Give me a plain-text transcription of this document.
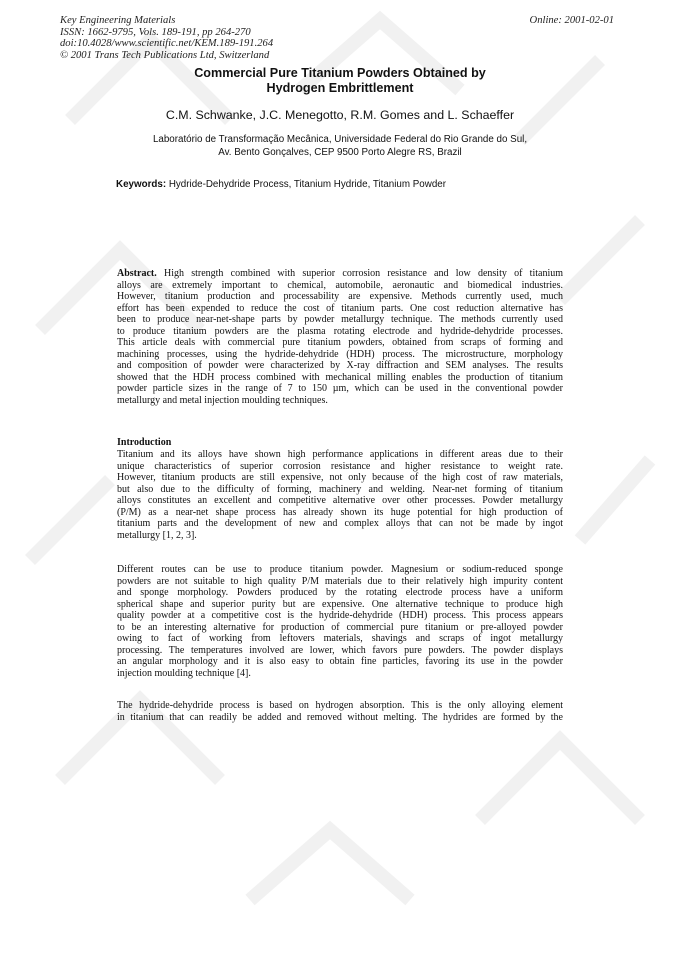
Key Engineering Materials
ISSN: 1662-9795, Vols. 189-191, pp 264-270
doi:10.4028/www.scientific.net/KEM.189-191.264
© 2001 Trans Tech Publications Ltd, Switzerland
Online: 2001-02-01
Commercial Pure Titanium Powders Obtained by
Hydrogen Embrittlement
C.M. Schwanke, J.C. Menegotto, R.M. Gomes and L. Schaeffer
Laboratório de Transformação Mecânica, Universidade Federal do Rio Grande do Sul,
Av. Bento Gonçalves, CEP 9500 Porto Alegre RS, Brazil
Keywords: Hydride-Dehydride Process, Titanium Hydride, Titanium Powder
Abstract. High strength combined with superior corrosion resistance and low density of titanium
alloys are extremely important to chemical, automobile, aeronautic and biomedical industries.
However, titanium production and processability are expensive. Methods currently used, much
effort has been expended to reduce the cost of titanium parts. One cost reduction alternative has
been to produce near-net-shape parts by powder metallurgy technique. The methods currently used
to produce titanium powders are the plasma rotating electrode and hydride-dehydride processes.
This article deals with commercial pure titanium powders, obtained from scraps of forming and
machining processes, using the hydride-dehydride (HDH) process. The microstructure, morphology
and composition of powder were characterized by X-ray diffraction and SEM analyses. The results
showed that the HDH process combined with mechanical milling enables the production of titanium
powder particle sizes in the range of 7 to 150 µm, which can be used in the conventional powder
metallurgy and metal injection moulding techniques.
Introduction
Titanium and its alloys have shown high performance applications in different areas due to their
unique characteristics of superior corrosion resistance and higher resistance to weight rate.
However, titanium products are still expensive, not only because of the high cost of raw materials,
but also due to the difficulty of forming, machinery and welding. Near-net forming of titanium
alloys constitutes an excellent and competitive alternative over other processes. Powder metallurgy
(P/M) as a near-net shape process has already shown its huge potential for high production of
titanium parts and the development of new and complex alloys that can not be made by ingot
metallurgy [1, 2, 3].
Different routes can be use to produce titanium powder. Magnesium or sodium-reduced sponge
powders are not suitable to high quality P/M materials due to their relatively high impurity content
and sponge morphology. Powders produced by the rotating electrode process have a uniform
spherical shape and superior purity but are expensive. One alternative technique to produce high
quality powder at a competitive cost is the hydride-dehydride (HDH) process. This process appears
to be an interesting alternative for production of commercial pure titanium or pre-alloyed powder
owing to fact of working from leftovers materials, shavings and scraps of ingot metallurgy
processing. The temperatures involved are lower, which favors pure powders. The powder displays
an angular morphology and it is also easy to obtain fine particles, favoring its use in the powder
injection moulding technique [4].
The hydride-dehydride process is based on hydrogen absorption. This is the only alloying element
in titanium that can readily be added and removed without melting. The hydrides are formed by the
